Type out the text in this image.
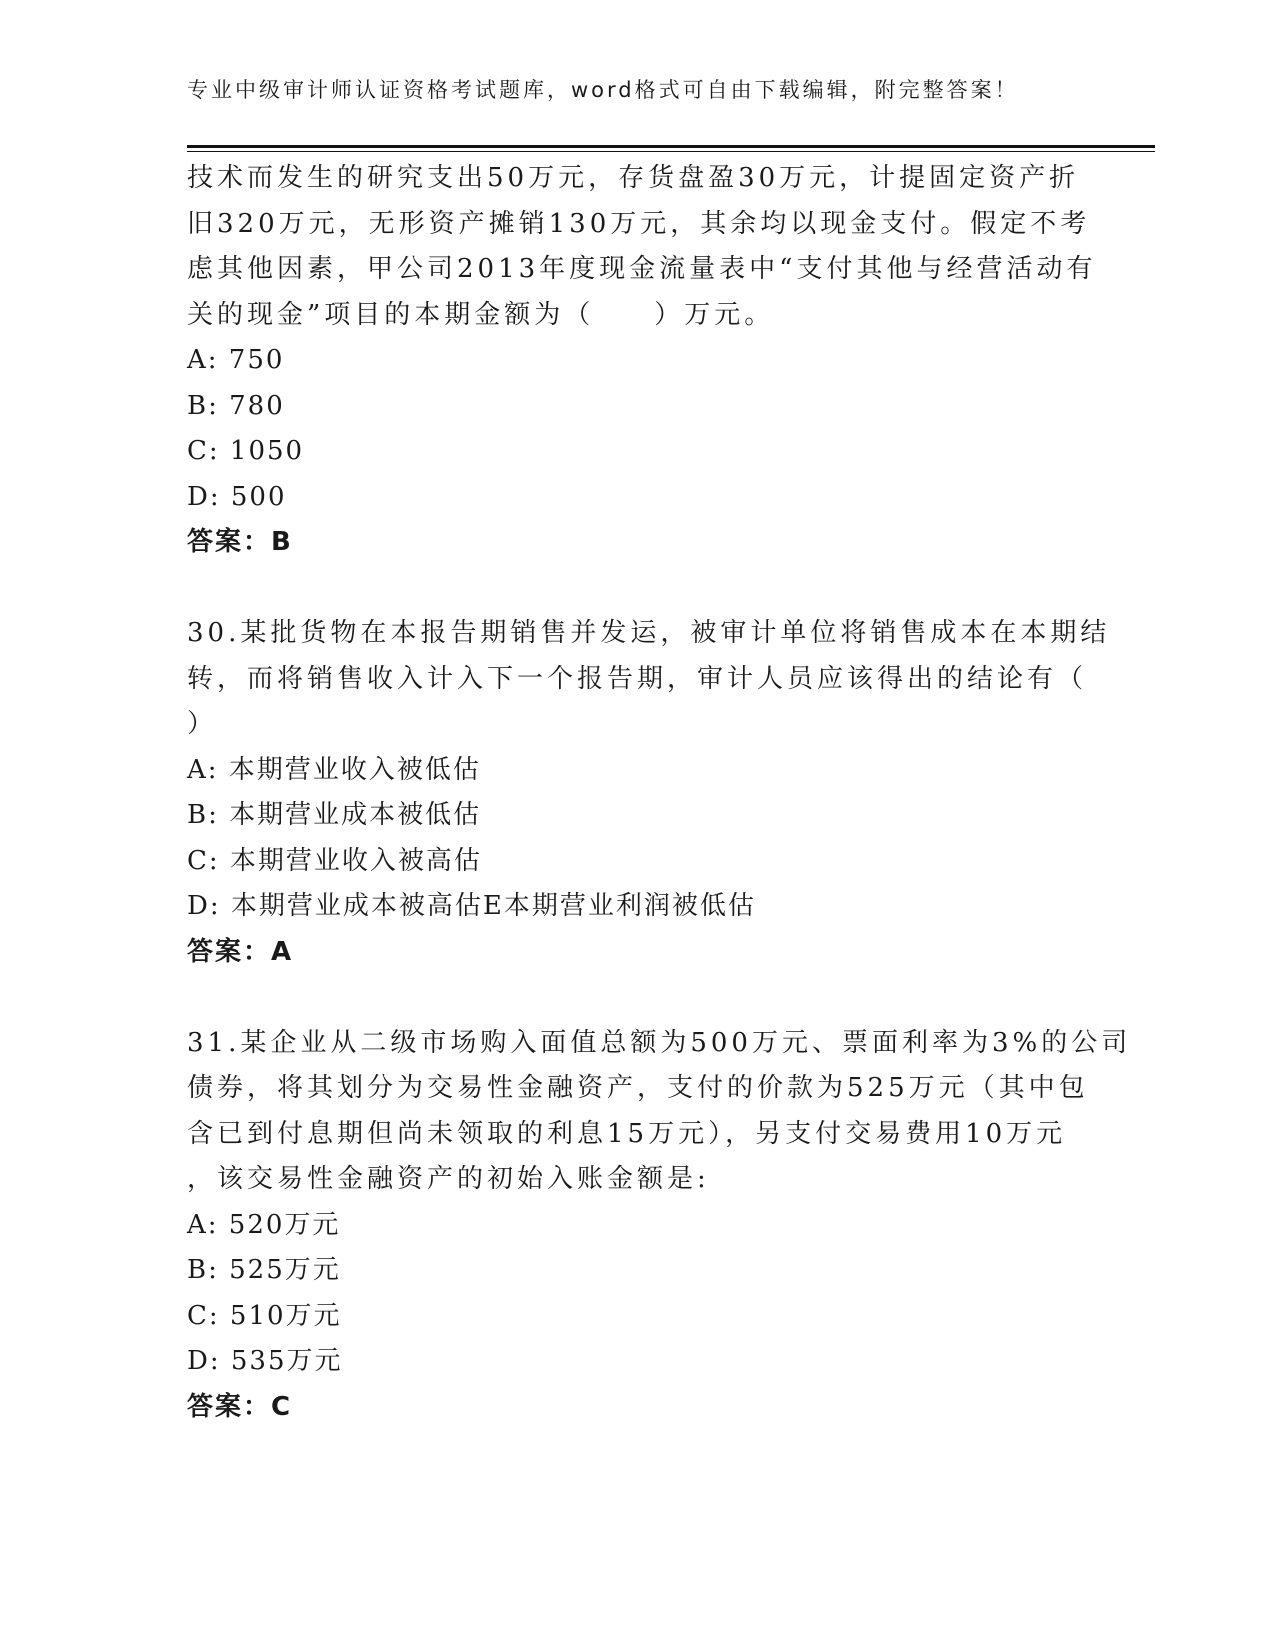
专业中级审计师认证资格考试题库，word格式可自由下载编辑，附完整答案！
技术而发生的研究支出50万元，存货盘盈30万元，计提固定资产折
旧320万元，无形资产摊销130万元，其余均以现金支付。假定不考
虑其他因素，甲公司2013年度现金流量表中“支付其他与经营活动有
关的现金”项目的本期金额为（　　）万元。
A: 750
B: 780
C: 1050
D: 500
答案：B
30.某批货物在本报告期销售并发运，被审计单位将销售成本在本期结
转，而将销售收入计入下一个报告期，审计人员应该得出的结论有（
）
A: 本期营业收入被低估
B: 本期营业成本被低估
C: 本期营业收入被高估
D: 本期营业成本被高估E本期营业利润被低估
答案：A
31.某企业从二级市场购入面值总额为500万元、票面利率为3%的公司
债券，将其划分为交易性金融资产，支付的价款为525万元（其中包
含已到付息期但尚未领取的利息15万元），另支付交易费用10万元
，该交易性金融资产的初始入账金额是:
A: 520万元
B: 525万元
C: 510万元
D: 535万元
答案：C
